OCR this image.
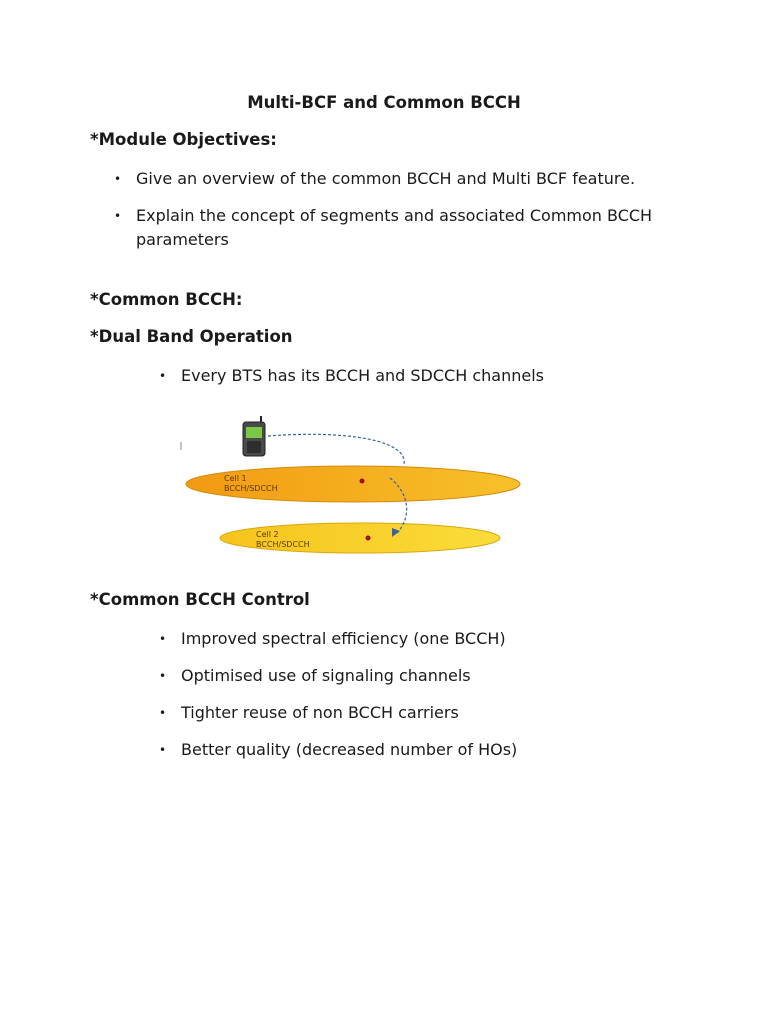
Multi-BCF and Common BCCH
*Module Objectives:
• Give an overview of the common BCCH and Multi BCF feature.
• Explain the concept of segments and associated Common BCCH parameters
*Common BCCH:
*Dual Band Operation
• Every BTS has its BCCH and SDCCH channels
Cell 1
BCCH/SDCCH
Cell 2
BCCH/SDCCH
*Common BCCH Control
• Improved spectral efficiency (one BCCH)
• Optimised use of signaling channels
• Tighter reuse of non BCCH carriers
• Better quality (decreased number of HOs)
